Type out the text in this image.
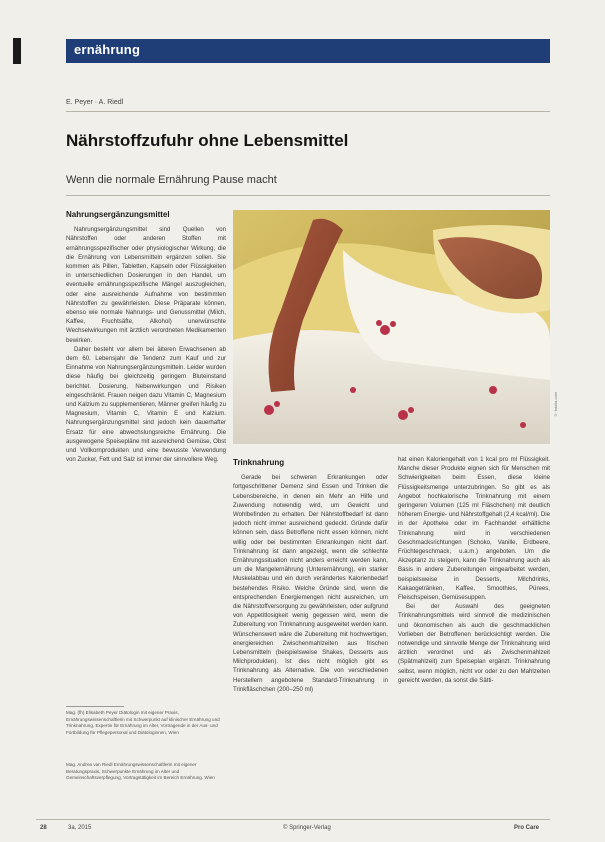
ernährung
E. Peyer · A. Riedl
Nährstoffzufuhr ohne Lebensmittel
Wenn die normale Ernährung Pause macht
Nahrungsergänzungsmittel

Nahrungsergänzungsmittel sind Quellen von Nährstoffen oder anderen Stoffen mit ernährungsspezifischer oder physiologischer Wirkung, die die Ernährung von Lebensmitteln ergänzen sollen. Sie kommen als Pillen, Tabletten, Kapseln oder Flüssigkeiten in unterschiedlichen Dosierungen in den Handel, um eventuelle ernährungsspezifische Mängel auszugleichen, oder eine ausreichende Aufnahme von bestimmten Nährstoffen zu gewährleisten. Diese Präparate können, ebenso wie normale Nahrungs- und Genussmittel (Milch, Kaffee, Fruchtsäfte, Alkohol) unerwünschte Wechselwirkungen mit ärztlich verordneten Medikamenten bewirken.

Daher besteht vor allem bei älteren Erwachsenen ab dem 60. Lebensjahr die Tendenz zum Kauf und zur Einnahme von Nahrungsergänzungsmitteln. Leider wurden diese häufig bei gleichzeitig geringem Bluteinstand berichtet. Dosierung, Nebenwirkungen und Risiken eingeschränkt. Frauen neigen dazu Vitamin C, Magnesium und Kalzium zu supplementieren, Männer greifen häufig zu Magnesium, Vitamin C, Vitamin E und Kalzium. Nahrungsergänzungsmittel sind jedoch kein dauerhafter Ersatz für eine abwechslungsreiche Ernährung. Die ausgewogene Speisepläne mit ausreichend Gemüse, Obst und Vollkornprodukten und eine bewusste Verwendung von Zucker, Fett und Salz ist immer der sinnvollere Weg.

© fotolia.com
Trinknahrung

Gerade bei schweren Erkrankungen oder fortgeschrittener Demenz sind Essen und Trinken die Lebensbereiche, in denen ein Mehr an Hilfe und Zuwendung notwendig wird, um Gewicht und Wohlbefinden zu erhalten. Der Nährstoffbedarf ist dann jedoch nicht immer ausreichend gedeckt. Gründe dafür können sein, dass Betroffene nicht essen können, nicht willig oder bei bestimmten Erkrankungen nicht darf. Trinknahrung ist dann angezeigt, wenn die schlechte Ernährungssituation nicht anders erreicht werden kann, um die Mangelernährung (Unterernährung), ein starker Muskelabbau und ein durch verändertes Kalorienbedarf bestehendes Risiko. Welche Gründe sind, wenn die entsprechenden Energiemengen nicht ausreichen, um die Nährstoffversorgung zu gewährleisten, oder aufgrund von Appetitlosigkeit wenig gegessen wird, wenn die Zubereitung von Trinknahrung ausgeweitet werden kann. Wünschenswert wäre die Zubereitung mit hochwertigen, energiereichen Zwischenmahlzeiten aus frischen Lebensmitteln (beispielsweise Shakes, Desserts aus Milchprodukten). Ist dies nicht möglich gibt es Trinknahrung als Alternative. Die von verschiedenen Herstellern angebotene Standard-Trinknahrung in Trinkfläschchen (200–250 ml)

hat einen Kaloriengehalt von 1 kcal pro ml Flüssigkeit. Manche dieser Produkte eignen sich für Menschen mit Schwierigkeiten beim Essen, diese kleine Flüssigkeitsmenge unterzubringen. So gibt es als Angebot hochkalorische Trinknahrung mit einem geringeren Volumen (125 ml Fläschchen) mit deutlich höherem Energie- und Nährstoffgehalt (2,4 kcal/ml). Die in der Apotheke oder im Fachhandel erhältliche Trinknahrung wird in verschiedenen Geschmacksrichtungen (Schoko, Vanille, Erdbeere, Früchtegeschmack, u.a.m.) angeboten. Um die Akzeptanz zu steigern, kann die Trinknahrung auch als Basis in andere Zubereitungen eingearbeitet werden, beispielsweise in Desserts, Milchdrinks, Kakaogetränken, Kaffee, Smoothies, Pürees, Fleischspeisen, Gemüsesuppen.

Bei der Auswahl des geeigneten Trinknahrungsmittels wird sinnvoll die medizinischen und ökonomischen als auch die geschmacklichen Vorlieben der Betroffenen berücksichtigt werden. Die notwendige und sinnvolle Menge der Trinknahrung wird ärztlich verordnet und als Zwischenmahlzeit (Spätmahlzeit) zum Speiseplan ergänzt. Trinknahrung selbst, wenn möglich, nicht vor oder zu den Mahlzeiten gereicht werden, da sonst die Sätti-

Mag. (fh) Elisabeth Peyer Diätologin mit eigener Praxis, Ernährungswissenschaftlerin mit Schwerpunkt auf klinischer Ernährung und Trinknahrung, Expertin für Ernährung im Alter, Vortragende in der Aus- und Fortbildung für Pflegepersonal und Diätologinnen, Wien
Mag. Andrea van Riedl Ernährungswissenschaftlerin mit eigener Beratungspraxis, Schwerpunkte Ernährung im Alter und Gemeinschaftsverpflegung, Vortragstätigkeit im Bereich Ernährung, Wien
28	3a, 2015	© Springer-Verlag	Pro Care
